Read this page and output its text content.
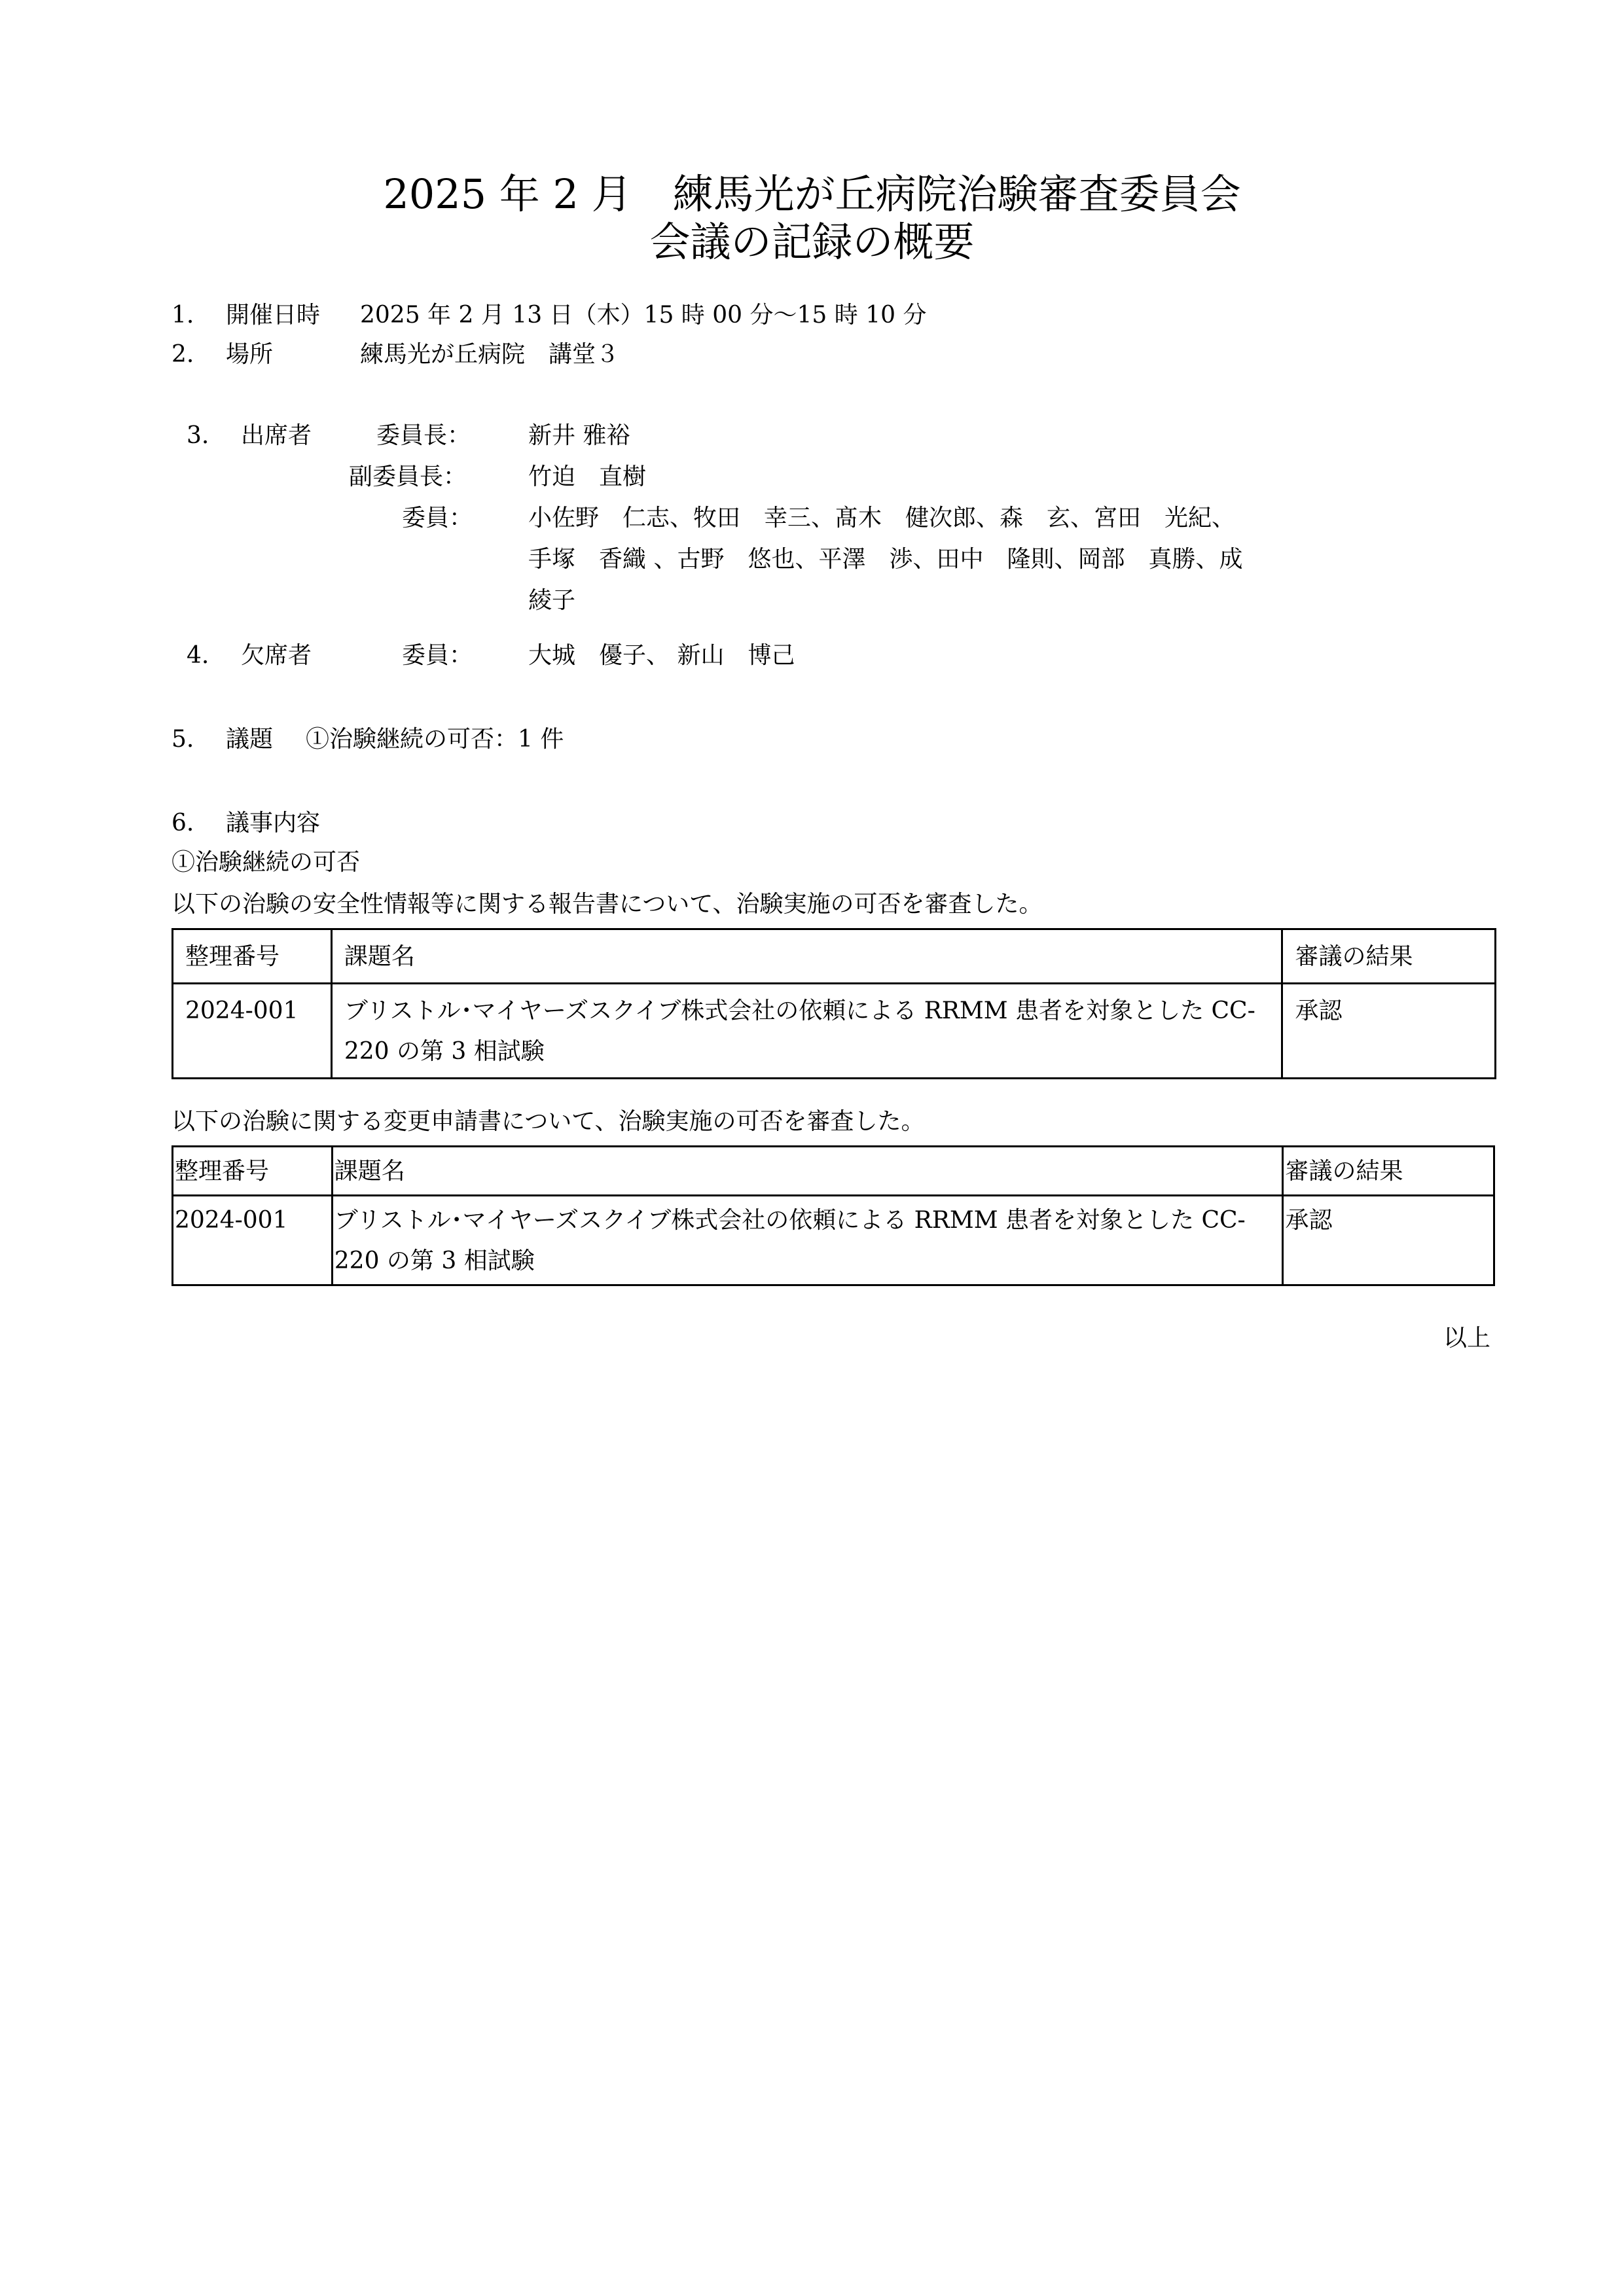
2025 年 2 月　練馬光が丘病院治験審査委員会
会議の記録の概要
1. 開催日時 2025 年 2 月 13 日（木）15 時 00 分～15 時 10 分
2. 場所	練馬光が丘病院　講堂３
3. 出席者	委員長： 新井 雅裕
副委員長：	竹迫　直樹
委員： 小佐野　仁志、牧田　幸三、髙木　健次郎、森　玄、宮田　光紀、
手塚　香織 、古野　悠也、平澤　渉、田中　隆則、岡部　真勝、成
綾子
4. 欠席者	委員： 大城　優子、 新山　博己
5. 議題 ①治験継続の可否：1 件
6. 議事内容
①治験継続の可否
以下の治験の安全性情報等に関する報告書について、治験実施の可否を審査した。
整理番号	課題名	審議の結果
2024-001	ブリストル･マイヤーズスクイブ株式会社の依頼による RRMM 患者を対象とした CC-220 の第 3 相試験	承認
以下の治験に関する変更申請書について、治験実施の可否を審査した。
整理番号	課題名	審議の結果
2024-001	ブリストル･マイヤーズスクイブ株式会社の依頼による RRMM 患者を対象とした CC-220 の第 3 相試験	承認
以上
